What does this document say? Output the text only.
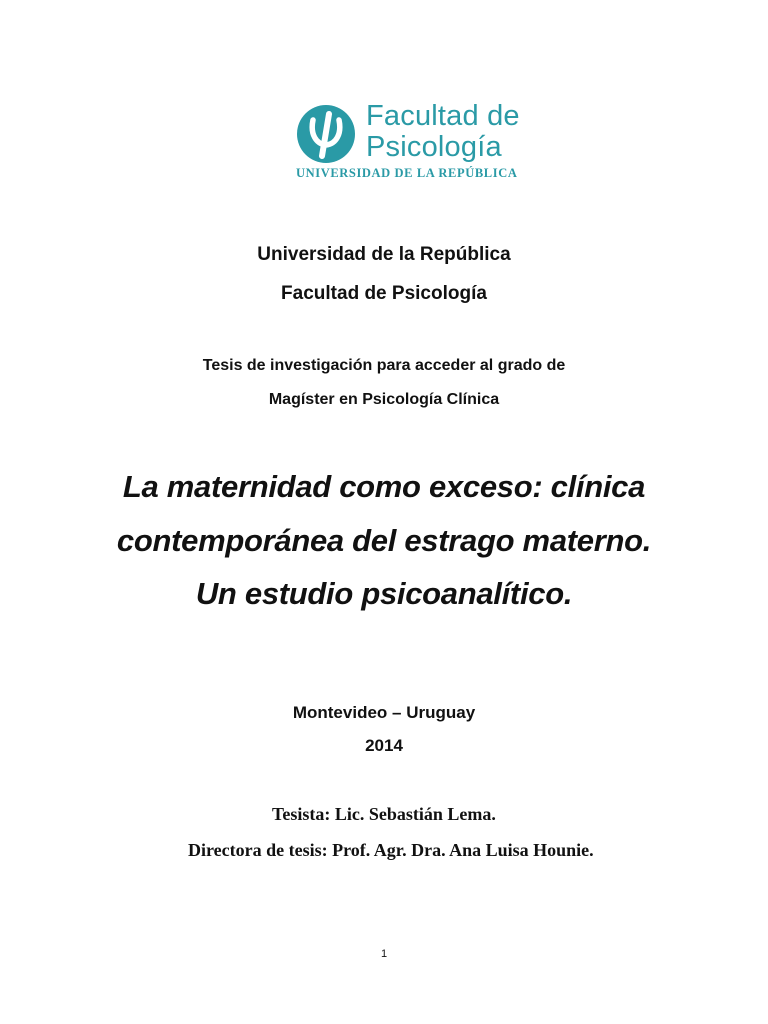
Facultad de
Psicología
UNIVERSIDAD DE LA REPÚBLICA
Universidad de la República
Facultad de Psicología
Tesis de investigación para acceder al grado de
Magíster en Psicología Clínica
La maternidad como exceso: clínica
contemporánea del estrago materno.
Un estudio psicoanalítico.
Montevideo – Uruguay
2014
Tesista: Lic. Sebastián Lema.
Directora de tesis: Prof. Agr. Dra. Ana Luisa Hounie.
1
